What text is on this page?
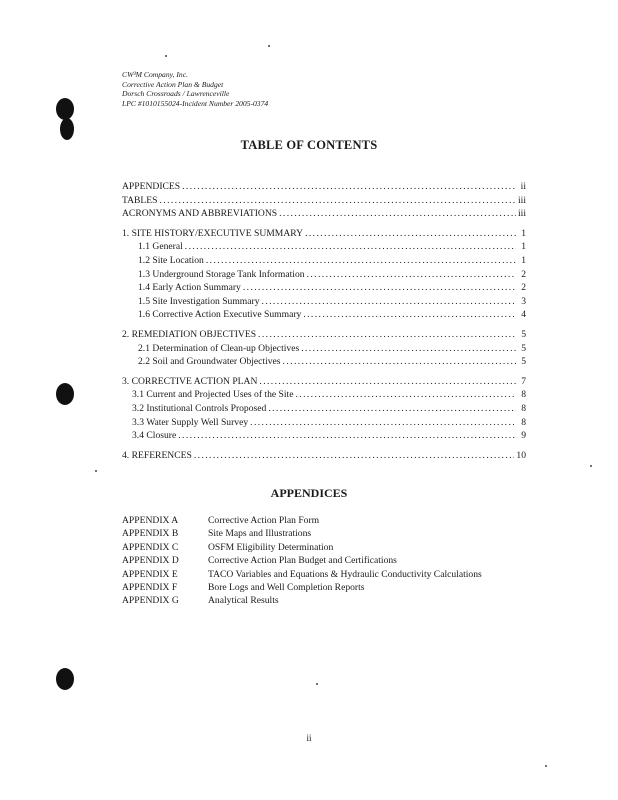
CW³M Company, Inc.
Corrective Action Plan & Budget
Dorsch Crossroads / Lawrenceville
LPC #1010155024-Incident Number 2005-0374
TABLE OF CONTENTS
APPENDICES .....	ii
TABLES .....	iii
ACRONYMS AND ABBREVIATIONS .....	iii
1. SITE HISTORY/EXECUTIVE SUMMARY .....	1
1.1 General .....	1
1.2 Site Location .....	1
1.3 Underground Storage Tank Information .....	2
1.4 Early Action Summary .....	2
1.5 Site Investigation Summary .....	3
1.6 Corrective Action Executive Summary .....	4
2. REMEDIATION OBJECTIVES .....	5
2.1 Determination of Clean-up Objectives .....	5
2.2 Soil and Groundwater Objectives .....	5
3. CORRECTIVE ACTION PLAN .....	7
3.1 Current and Projected Uses of the Site .....	8
3.2 Institutional Controls Proposed .....	8
3.3 Water Supply Well Survey .....	8
3.4 Closure .....	9
4. REFERENCES .....	10
APPENDICES
APPENDIX A	Corrective Action Plan Form
APPENDIX B	Site Maps and Illustrations
APPENDIX C	OSFM Eligibility Determination
APPENDIX D	Corrective Action Plan Budget and Certifications
APPENDIX E	TACO Variables and Equations & Hydraulic Conductivity Calculations
APPENDIX F	Bore Logs and Well Completion Reports
APPENDIX G	Analytical Results
ii
